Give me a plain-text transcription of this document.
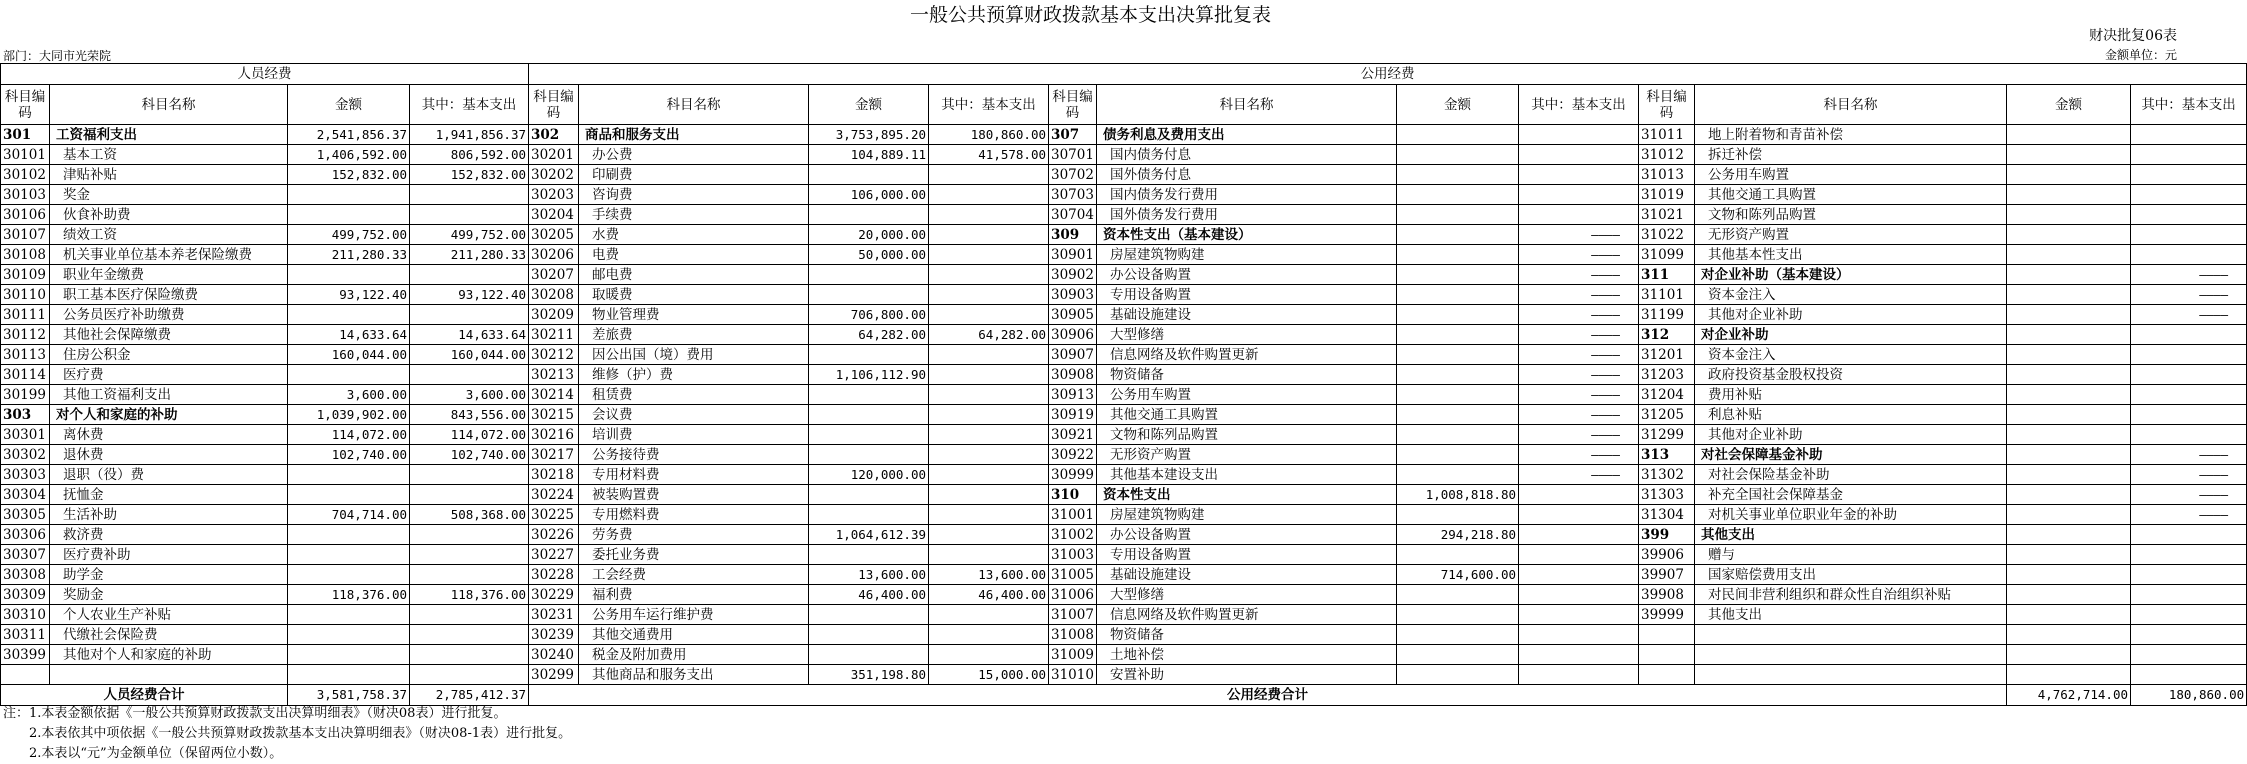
一般公共预算财政拨款基本支出决算批复表
财决批复06表
金额单位：元
部门：大同市光荣院
人员经费				公用经费											
科目编码	科目名称	金额	其中：基本支出	科目编码	科目名称	金额	其中：基本支出	科目编码	科目名称	金额	其中：基本支出	科目编码	科目名称	金额	其中：基本支出
301	工资福利支出	2,541,856.37	1,941,856.37	302	商品和服务支出	3,753,895.20	180,860.00	307	债务利息及费用支出			31011	地上附着物和青苗补偿		
30101	基本工资	1,406,592.00	806,592.00	30201	办公费	104,889.11	41,578.00	30701	国内债务付息			31012	拆迁补偿		
30102	津贴补贴	152,832.00	152,832.00	30202	印刷费			30702	国外债务付息			31013	公务用车购置		
30103	奖金			30203	咨询费	106,000.00		30703	国内债务发行费用			31019	其他交通工具购置		
30106	伙食补助费			30204	手续费			30704	国外债务发行费用			31021	文物和陈列品购置		
30107	绩效工资	499,752.00	499,752.00	30205	水费	20,000.00		309	资本性支出（基本建设）		————	31022	无形资产购置		
30108	机关事业单位基本养老保险缴费	211,280.33	211,280.33	30206	电费	50,000.00		30901	房屋建筑物购建		————	31099	其他基本性支出		
30109	职业年金缴费			30207	邮电费			30902	办公设备购置		————	311	对企业补助（基本建设）		————
30110	职工基本医疗保险缴费	93,122.40	93,122.40	30208	取暖费			30903	专用设备购置		————	31101	资本金注入		————
30111	公务员医疗补助缴费			30209	物业管理费	706,800.00		30905	基础设施建设		————	31199	其他对企业补助		————
30112	其他社会保障缴费	14,633.64	14,633.64	30211	差旅费	64,282.00	64,282.00	30906	大型修缮		————	312	对企业补助		
30113	住房公积金	160,044.00	160,044.00	30212	因公出国（境）费用			30907	信息网络及软件购置更新		————	31201	资本金注入		
30114	医疗费			30213	维修（护）费	1,106,112.90		30908	物资储备		————	31203	政府投资基金股权投资		
30199	其他工资福利支出	3,600.00	3,600.00	30214	租赁费			30913	公务用车购置		————	31204	费用补贴		
303	对个人和家庭的补助	1,039,902.00	843,556.00	30215	会议费			30919	其他交通工具购置		————	31205	利息补贴		
30301	离休费	114,072.00	114,072.00	30216	培训费			30921	文物和陈列品购置		————	31299	其他对企业补助		
30302	退休费	102,740.00	102,740.00	30217	公务接待费			30922	无形资产购置		————	313	对社会保障基金补助		————
30303	退职（役）费			30218	专用材料费	120,000.00		30999	其他基本建设支出		————	31302	对社会保险基金补助		————
30304	抚恤金			30224	被装购置费			310	资本性支出	1,008,818.80		31303	补充全国社会保障基金		————
30305	生活补助	704,714.00	508,368.00	30225	专用燃料费			31001	房屋建筑物购建			31304	对机关事业单位职业年金的补助		————
30306	救济费			30226	劳务费	1,064,612.39		31002	办公设备购置	294,218.80		399	其他支出		
30307	医疗费补助			30227	委托业务费			31003	专用设备购置			39906	赠与		
30308	助学金			30228	工会经费	13,600.00	13,600.00	31005	基础设施建设	714,600.00		39907	国家赔偿费用支出		
30309	奖励金	118,376.00	118,376.00	30229	福利费	46,400.00	46,400.00	31006	大型修缮			39908	对民间非营利组织和群众性自治组织补贴		
30310	个人农业生产补贴			30231	公务用车运行维护费			31007	信息网络及软件购置更新			39999	其他支出		
30311	代缴社会保险费			30239	其他交通费用			31008	物资储备						
30399	其他对个人和家庭的补助			30240	税金及附加费用			31009	土地补偿						
				30299	其他商品和服务支出	351,198.80	15,000.00	31010	安置补助						
人员经费合计		3,581,758.37	2,785,412.37	公用经费合计										4,762,714.00	180,860.00
注：1.本表金额依据《一般公共预算财政拨款支出决算明细表》（财决08表）进行批复。
　　2.本表依其中项依据《一般公共预算财政拨款基本支出决算明细表》（财决08-1表）进行批复。
　　2.本表以“元”为金额单位（保留两位小数）。
